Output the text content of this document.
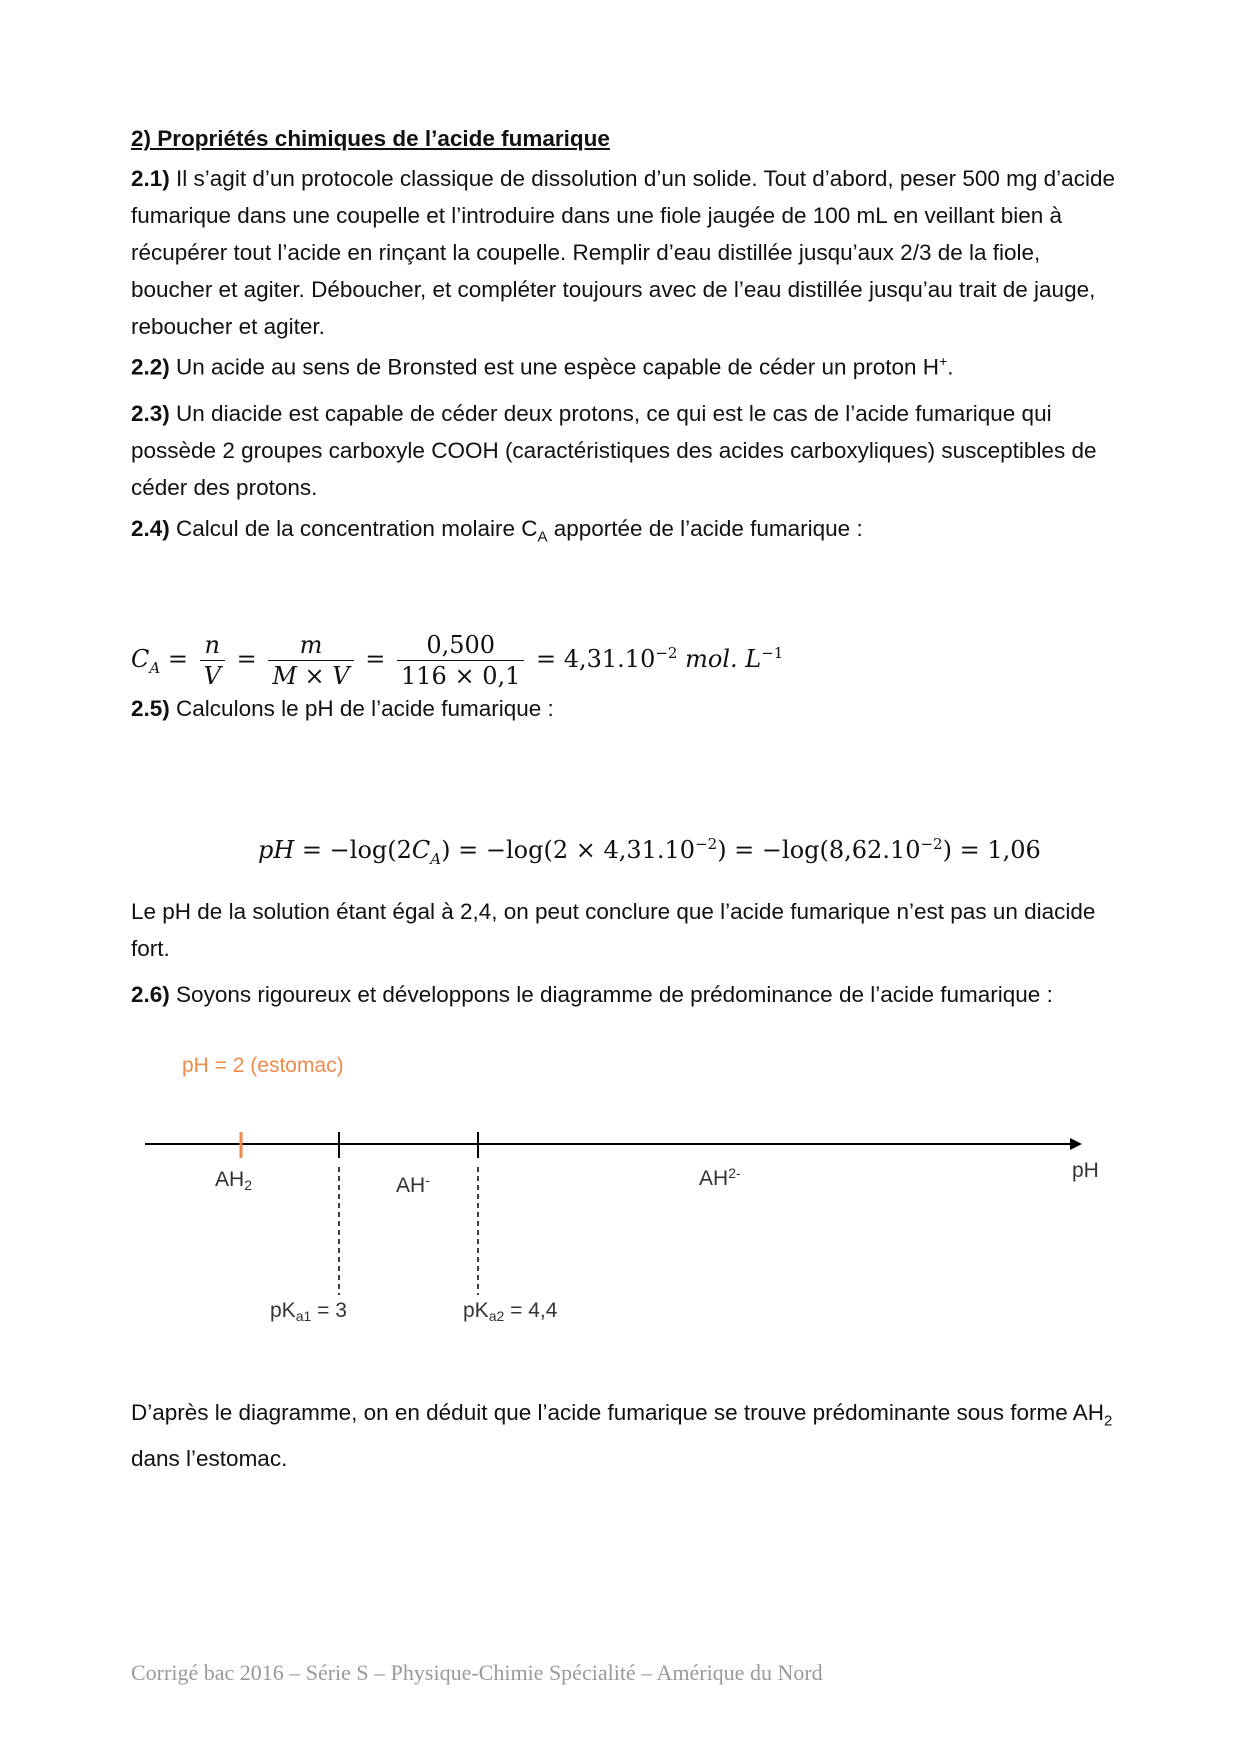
2) Propriétés chimiques de l’acide fumarique
2.1) Il s’agit d’un protocole classique de dissolution d’un solide. Tout d’abord, peser 500 mg d’acide fumarique dans une coupelle et l’introduire dans une fiole jaugée de 100 mL en veillant bien à récupérer tout l’acide en rinçant la coupelle. Remplir d’eau distillée jusqu’aux 2/3 de la fiole, boucher et agiter. Déboucher, et compléter toujours avec de l’eau distillée jusqu’au trait de jauge, reboucher et agiter.
2.2) Un acide au sens de Bronsted est une espèce capable de céder un proton H+.
2.3) Un diacide est capable de céder deux protons, ce qui est le cas de l’acide fumarique qui possède 2 groupes carboxyle COOH (caractéristiques des acides carboxyliques) susceptibles de céder des protons.
2.4) Calcul de la concentration molaire $C_A$ apportée de l’acide fumarique :
$C_A = \frac{n}{V} = \frac{m}{M \times V} = \frac{0,500}{116 \times 0,1} = 4,31.10^{-2}$ mol. $L^{-1}$
2.5) Calculons le pH de l’acide fumarique :
pH = $-\log(2C_A) = -\log(2 \times 4,31.10^{-2}) = -\log(8,62.10^{-2}) = 1,06$
Le pH de la solution étant égal à 2,4, on peut conclure que l’acide fumarique n’est pas un diacide fort.
2.6) Soyons rigoureux et développons le diagramme de prédominance de l’acide fumarique :
pH = 2 (estomac)
pH
AH2	AH-	$AH^{2-}$
pKa1 = 3	pKa2 = 4,4
D’après le diagramme, on en déduit que l’acide fumarique se trouve prédominante sous forme $AH_2$ dans l’estomac.
Corrigé bac 2016 – Série S – Physique-Chimie Spécialité – Amérique du Nord
